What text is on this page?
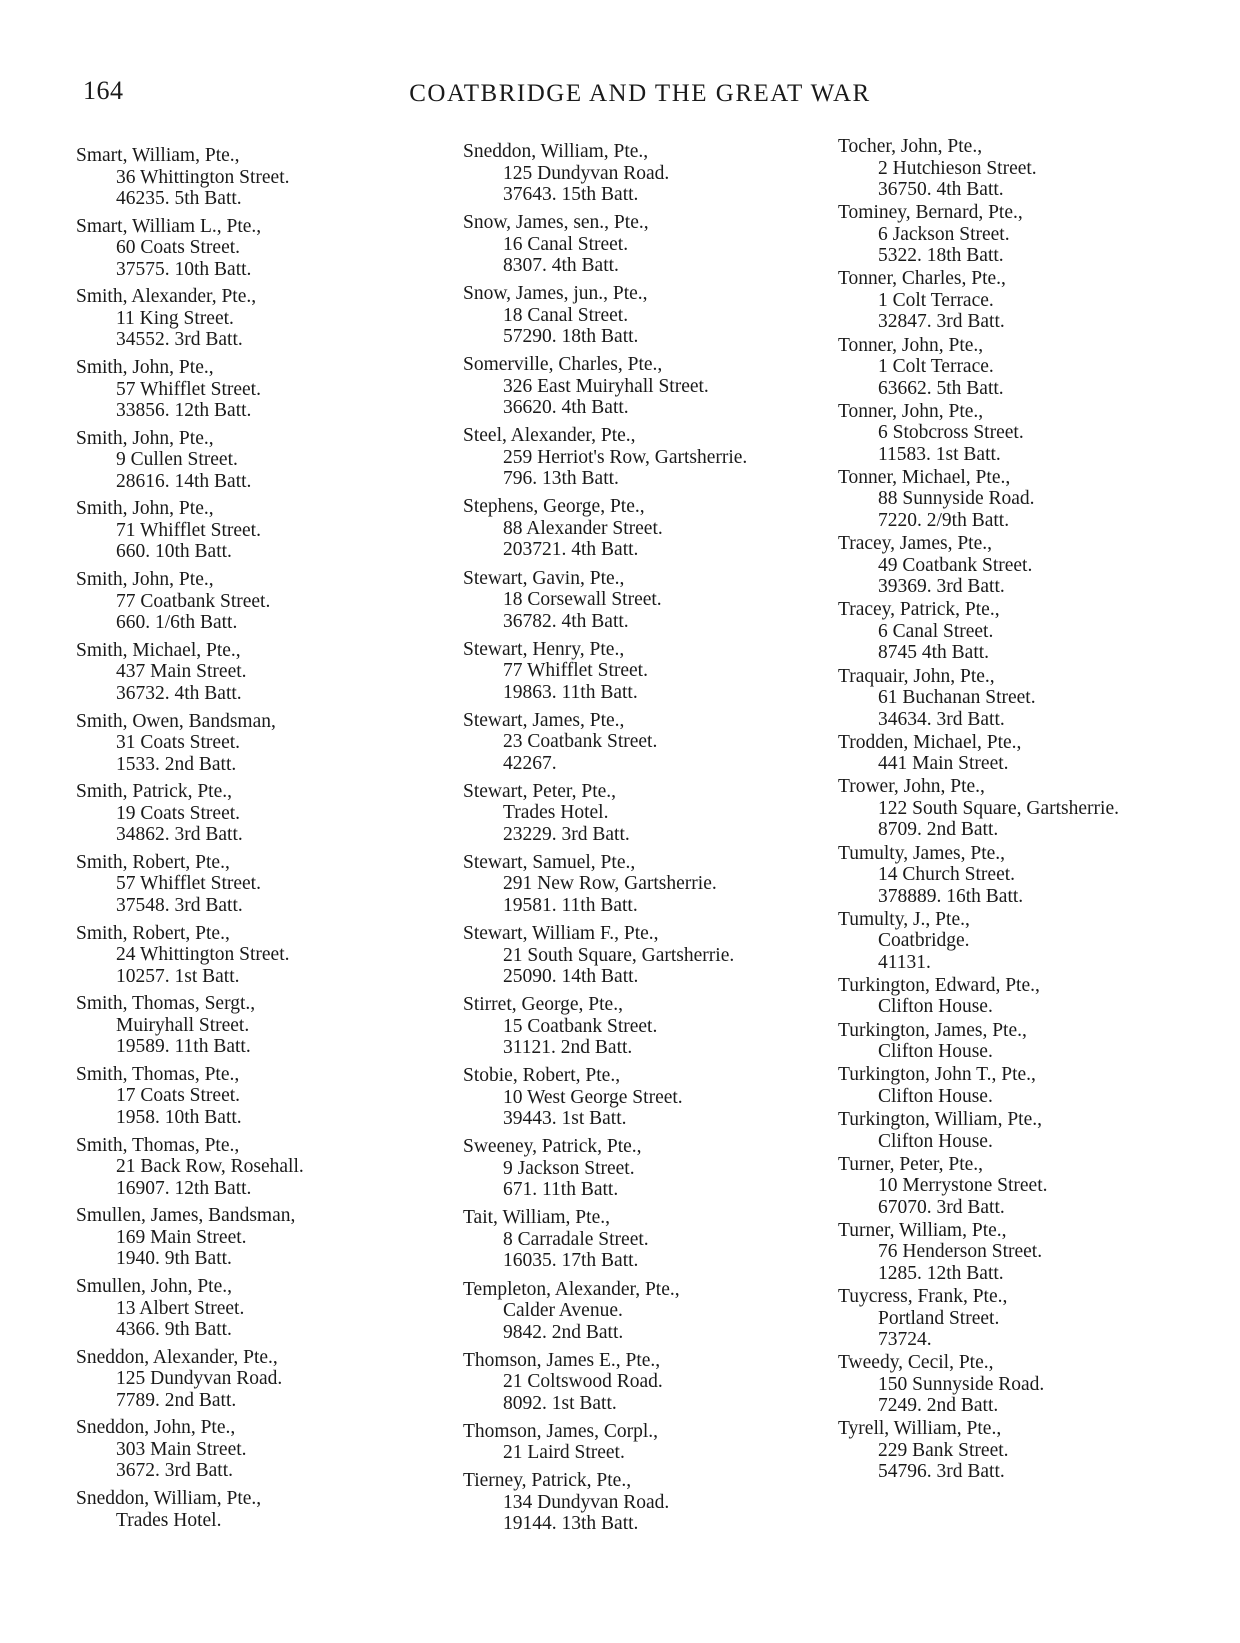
164	COATBRIDGE AND THE GREAT WAR
Smart, William, Pte.,
36 Whittington Street.
46235. 5th Batt.
Smart, William L., Pte.,
60 Coats Street.
37575. 10th Batt.
Smith, Alexander, Pte.,
11 King Street.
34552. 3rd Batt.
Smith, John, Pte.,
57 Whifflet Street.
33856. 12th Batt.
Smith, John, Pte.,
9 Cullen Street.
28616. 14th Batt.
Smith, John, Pte.,
71 Whifflet Street.
660. 10th Batt.
Smith, John, Pte.,
77 Coatbank Street.
660. 1/6th Batt.
Smith, Michael, Pte.,
437 Main Street.
36732. 4th Batt.
Smith, Owen, Bandsman,
31 Coats Street.
1533. 2nd Batt.
Smith, Patrick, Pte.,
19 Coats Street.
34862. 3rd Batt.
Smith, Robert, Pte.,
57 Whifflet Street.
37548. 3rd Batt.
Smith, Robert, Pte.,
24 Whittington Street.
10257. 1st Batt.
Smith, Thomas, Sergt.,
Muiryhall Street.
19589. 11th Batt.
Smith, Thomas, Pte.,
17 Coats Street.
1958. 10th Batt.
Smith, Thomas, Pte.,
21 Back Row, Rosehall.
16907. 12th Batt.
Smullen, James, Bandsman,
169 Main Street.
1940. 9th Batt.
Smullen, John, Pte.,
13 Albert Street.
4366. 9th Batt.
Sneddon, Alexander, Pte.,
125 Dundyvan Road.
7789. 2nd Batt.
Sneddon, John, Pte.,
303 Main Street.
3672. 3rd Batt.
Sneddon, William, Pte.,
Trades Hotel.
Sneddon, William, Pte.,
125 Dundyvan Road.
37643. 15th Batt.
Snow, James, sen., Pte.,
16 Canal Street.
8307. 4th Batt.
Snow, James, jun., Pte.,
18 Canal Street.
57290. 18th Batt.
Somerville, Charles, Pte.,
326 East Muiryhall Street.
36620. 4th Batt.
Steel, Alexander, Pte.,
259 Herriot's Row, Gartsherrie.
796. 13th Batt.
Stephens, George, Pte.,
88 Alexander Street.
203721. 4th Batt.
Stewart, Gavin, Pte.,
18 Corsewall Street.
36782. 4th Batt.
Stewart, Henry, Pte.,
77 Whifflet Street.
19863. 11th Batt.
Stewart, James, Pte.,
23 Coatbank Street.
42267.
Stewart, Peter, Pte.,
Trades Hotel.
23229. 3rd Batt.
Stewart, Samuel, Pte.,
291 New Row, Gartsherrie.
19581. 11th Batt.
Stewart, William F., Pte.,
21 South Square, Gartsherrie.
25090. 14th Batt.
Stirret, George, Pte.,
15 Coatbank Street.
31121. 2nd Batt.
Stobie, Robert, Pte.,
10 West George Street.
39443. 1st Batt.
Sweeney, Patrick, Pte.,
9 Jackson Street.
671. 11th Batt.
Tait, William, Pte.,
8 Carradale Street.
16035. 17th Batt.
Templeton, Alexander, Pte.,
Calder Avenue.
9842. 2nd Batt.
Thomson, James E., Pte.,
21 Coltswood Road.
8092. 1st Batt.
Thomson, James, Corpl.,
21 Laird Street.
Tierney, Patrick, Pte.,
134 Dundyvan Road.
19144. 13th Batt.
Tocher, John, Pte.,
2 Hutchieson Street.
36750. 4th Batt.
Tominey, Bernard, Pte.,
6 Jackson Street.
5322. 18th Batt.
Tonner, Charles, Pte.,
1 Colt Terrace.
32847. 3rd Batt.
Tonner, John, Pte.,
1 Colt Terrace.
63662. 5th Batt.
Tonner, John, Pte.,
6 Stobcross Street.
11583. 1st Batt.
Tonner, Michael, Pte.,
88 Sunnyside Road.
7220. 2/9th Batt.
Tracey, James, Pte.,
49 Coatbank Street.
39369. 3rd Batt.
Tracey, Patrick, Pte.,
6 Canal Street.
8745 4th Batt.
Traquair, John, Pte.,
61 Buchanan Street.
34634. 3rd Batt.
Trodden, Michael, Pte.,
441 Main Street.
Trower, John, Pte.,
122 South Square, Gartsherrie.
8709. 2nd Batt.
Tumulty, James, Pte.,
14 Church Street.
378889. 16th Batt.
Tumulty, J., Pte.,
Coatbridge.
41131.
Turkington, Edward, Pte.,
Clifton House.
Turkington, James, Pte.,
Clifton House.
Turkington, John T., Pte.,
Clifton House.
Turkington, William, Pte.,
Clifton House.
Turner, Peter, Pte.,
10 Merrystone Street.
67070. 3rd Batt.
Turner, William, Pte.,
76 Henderson Street.
1285. 12th Batt.
Tuycress, Frank, Pte.,
Portland Street.
73724.
Tweedy, Cecil, Pte.,
150 Sunnyside Road.
7249. 2nd Batt.
Tyrell, William, Pte.,
229 Bank Street.
54796. 3rd Batt.
